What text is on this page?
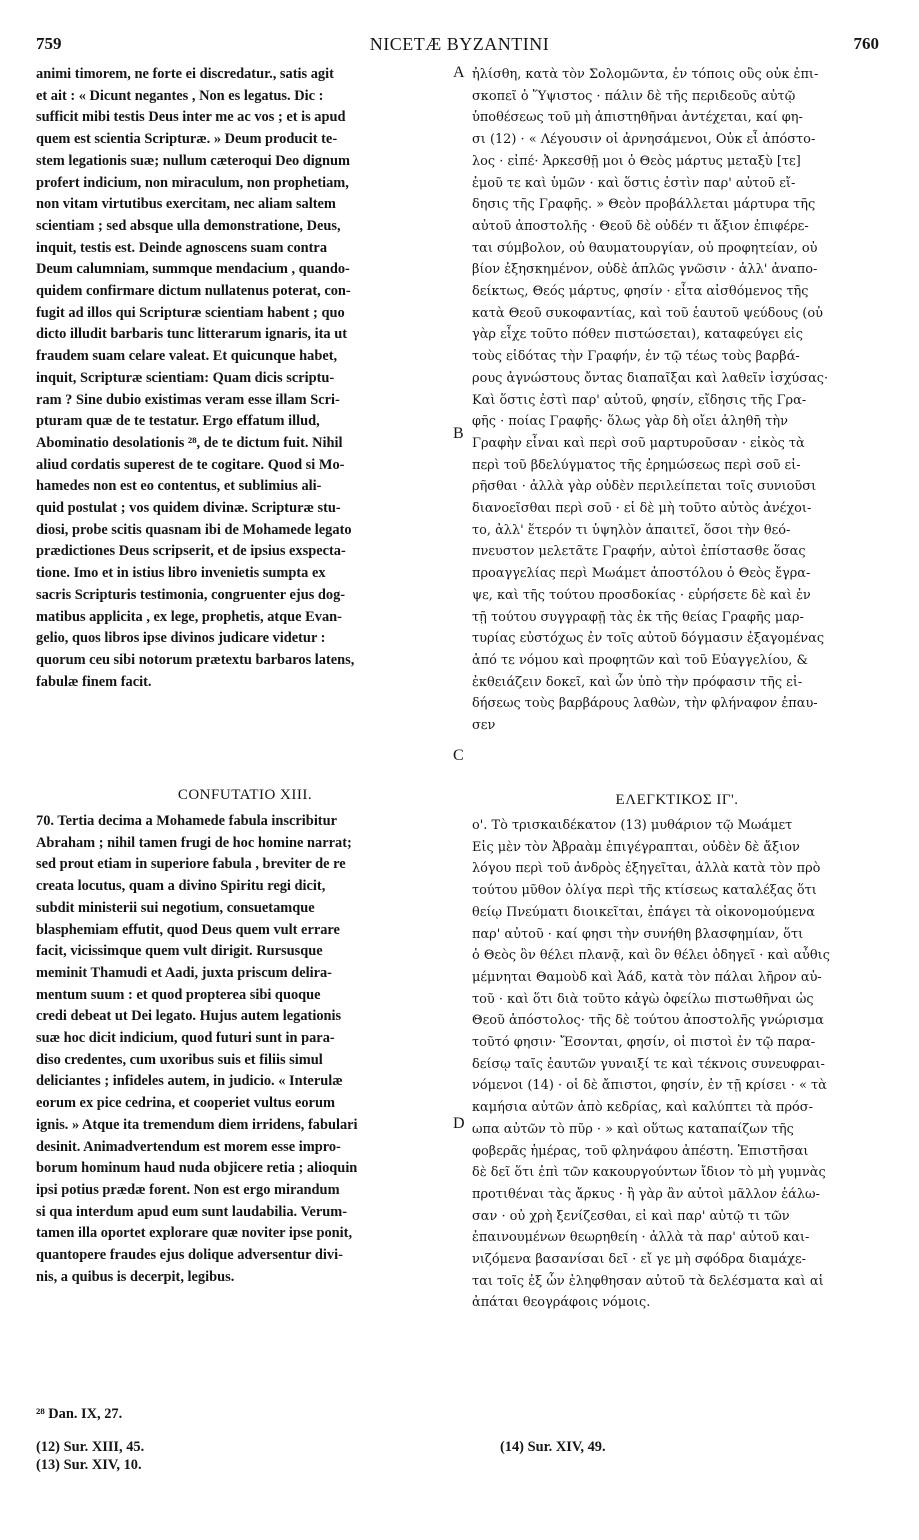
759	NICETÆ BYZANTINI	760
animi timorem, ne forte ei discredatur., satis agit
et ait : « Dicunt negantes , Non es legatus. Dic :
sufficit mibi testis Deus inter me ac vos ; et is apud
quem est scientia Scripturæ. » Deum producit te-
stem legationis suæ; nullum cæteroqui Deo dignum
profert indicium, non miraculum, non prophetiam,
non vitam virtutibus exercitam, nec aliam saltem
scientiam ; sed absque ulla demonstratione, Deus,
inquit, testis est. Deinde agnoscens suam contra
Deum calumniam, summque mendacium , quando-
quidem confirmare dictum nullatenus poterat, con-
fugit ad illos qui Scripturæ scientiam habent ; quo
dicto illudit barbaris tunc litterarum ignaris, ita ut
fraudem suam celare valeat. Et quicunque habet,
inquit, Scripturæ scientiam: Quam dicis scriptu-
ram ? Sine dubio existimas veram esse illam Scri-
pturam quæ de te testatur. Ergo effatum illud,
Abominatio desolationis ²⁸, de te dictum fuit. Nihil
aliud cordatis superest de te cogitare. Quod si Mo-
hamedes non est eo contentus, et sublimius ali-
quid postulat ; vos quidem divinæ. Scripturæ stu-
diosi, probe scitis quasnam ibi de Mohamede legato
prædictiones Deus scripserit, et de ipsius exspecta-
tione. Imo et in istius libro invenietis sumpta ex
sacris Scripturis testimonia, congruenter ejus dog-
matibus applicita , ex lege, prophetis, atque Evan-
gelio, quos libros ipse divinos judicare videtur :
quorum ceu sibi notorum prætextu barbaros latens,
fabulæ finem facit.
CONFUTATIO XIII.
70. Tertia decima a Mohamede fabula inscribitur
Abraham ; nihil tamen frugi de hoc homine narrat;
sed prout etiam in superiore fabula , breviter de re
creata locutus, quam a divino Spiritu regi dicit,
subdit ministerii sui negotium, consuetamque
blasphemiam effutit, quod Deus quem vult errare
facit, vicissimque quem vult dirigit. Rursusque
meminit Thamudi et Aadi, juxta priscum delira-
mentum suum : et quod propterea sibi quoque
credi debeat ut Dei legato. Hujus autem legationis
suæ hoc dicit indicium, quod futuri sunt in para-
diso credentes, cum uxoribus suis et filiis simul
deliciantes ; infideles autem, in judicio. « Interulæ
eorum ex pice cedrina, et cooperiet vultus eorum
ignis. » Atque ita tremendum diem irridens, fabulari
desinit. Animadvertendum est morem esse impro-
borum hominum haud nuda objicere retia ; alioquin
ipsi potius prædæ forent. Non est ergo mirandum
si qua interdum apud eum sunt laudabilia. Verum-
tamen illa oportet explorare quæ noviter ipse ponit,
quantopere fraudes ejus dolique adversentur divi-
nis, a quibus is decerpit, legibus.
ἠλίσθη, κατὰ τὸν Σολομῶντα, ἐν τόποις οὓς οὐκ ἐπι-
σκοπεῖ ὁ Ὕψιστος · πάλιν δὲ τῆς περιδεοῦς αὐτῷ
ὑποθέσεως τοῦ μὴ ἀπιστηθῆναι ἀντέχεται, καί φη-
σι (12) · « Λέγουσιν οἱ ἀρνησάμενοι, Οὐκ εἶ ἀπόστο-
λος · εἰπέ· Ἀρκεσθῇ μοι ὁ Θεὸς μάρτυς μεταξὺ [τε]
ἐμοῦ τε καὶ ὑμῶν · καὶ ὅστις ἐστὶν παρ' αὐτοῦ εἴ-
δησις τῆς Γραφῆς. » Θεὸν προβάλλεται μάρτυρα τῆς
αὐτοῦ ἀποστολῆς · Θεοῦ δὲ οὐδέν τι ἄξιον ἐπιφέρε-
ται σύμβολον, οὐ θαυματουργίαν, οὐ προφητείαν, οὐ
βίον ἐξησκημένον, οὐδὲ ἁπλῶς γνῶσιν · ἀλλ' ἀναπο-
δείκτως, Θεός μάρτυς, φησίν · εἶτα αἰσθόμενος τῆς
κατὰ Θεοῦ συκοφαντίας, καὶ τοῦ ἑαυτοῦ ψεύδους (οὐ
γὰρ εἶχε τοῦτο πόθεν πιστώσεται), καταφεύγει εἰς
τοὺς εἰδότας τὴν Γραφήν, ἐν τῷ τέως τοὺς βαρβά-
ρους ἀγνώστους ὄντας διαπαῖξαι καὶ λαθεῖν ἰσχύσας·
Καὶ ὅστις ἐστὶ παρ' αὐτοῦ, φησίν, εἴδησις τῆς Γρα-
φῆς · ποίας Γραφῆς· ὅλως γὰρ δὴ οἴει ἀληθῆ τὴν
Γραφὴν εἶναι καὶ περὶ σοῦ μαρτυροῦσαν · εἰκὸς τὰ
περὶ τοῦ βδελύγματος τῆς ἐρημώσεως περὶ σοῦ εἰ-
ρῆσθαι · ἀλλὰ γὰρ οὐδὲν περιλείπεται τοῖς συνιοῦσι
διανοεῖσθαι περὶ σοῦ · εἰ δὲ μὴ τοῦτο αὐτὸς ἀνέχοι-
το, ἀλλ' ἕτερόν τι ὑψηλὸν ἀπαιτεῖ, ὅσοι τὴν θεό-
πνευστον μελετᾶτε Γραφήν, αὐτοὶ ἐπίστασθε ὅσας
προαγγελίας περὶ Μωάμετ ἀποστόλου ὁ Θεὸς ἔγρα-
ψε, καὶ τῆς τούτου προσδοκίας · εὑρήσετε δὲ καὶ ἐν
τῇ τούτου συγγραφῇ τὰς ἐκ τῆς θείας Γραφῆς μαρ-
τυρίας εὐστόχως ἐν τοῖς αὐτοῦ δόγμασιν ἐξαγομένας
ἀπό τε νόμου καὶ προφητῶν καὶ τοῦ Εὐαγγελίου, &
ἐκθειάζειν δοκεῖ, καὶ ὧν ὑπὸ τὴν πρόφασιν τῆς εἰ-
δήσεως τοὺς βαρβάρους λαθὼν, τὴν φλήναφον ἐπαυ-
σεν
ΕΛΕΓΚΤΙΚΟΣ ΙΓ'.
ο'. Τὸ τρισκαιδέκατον (13) μυθάριον τῷ Μωάμετ
Εἰς μὲν τὸν Ἀβραὰμ ἐπιγέγραπται, οὐδὲν δὲ ἄξιον
λόγου περὶ τοῦ ἀνδρὸς ἐξηγεῖται, ἀλλὰ κατὰ τὸν πρὸ
τούτου μῦθον ὀλίγα περὶ τῆς κτίσεως καταλέξας ὅτι
θείῳ Πνεύματι διοικεῖται, ἐπάγει τὰ οἰκονομούμενα
παρ' αὐτοῦ · καί φησι τὴν συνήθη βλασφημίαν, ὅτι
ὁ Θεὸς ὃν θέλει πλανᾷ, καὶ ὃν θέλει ὁδηγεῖ · καὶ αὖθις
μέμνηται Θαμοὺδ καὶ Ἀάδ, κατὰ τὸν πάλαι λῆρον αὐ-
τοῦ · καὶ ὅτι διὰ τοῦτο κἀγὼ ὀφείλω πιστωθῆναι ὡς
Θεοῦ ἀπόστολος· τῆς δὲ τούτου ἀποστολῆς γνώρισμα
τοῦτό φησιν· Ἔσονται, φησίν, οἱ πιστοὶ ἐν τῷ παρα-
δείσῳ ταῖς ἑαυτῶν γυναιξί τε καὶ τέκνοις συνευφραι-
νόμενοι (14) · οἱ δὲ ἄπιστοι, φησίν, ἐν τῇ κρίσει · « τὰ
καμήσια αὐτῶν ἀπὸ κεδρίας, καὶ καλύπτει τὰ πρόσ-
ωπα αὐτῶν τὸ πῦρ · » καὶ οὕτως καταπαίζων τῆς
φοβερᾶς ἡμέρας, τοῦ φληνάφου ἀπέστη. Ἐπιστῆσαι
δὲ δεῖ ὅτι ἐπὶ τῶν κακουργούντων ἴδιον τὸ μὴ γυμνὰς
προτιθέναι τὰς ἄρκυς · ἢ γὰρ ἂν αὐτοὶ μᾶλλον ἑάλω-
σαν · οὐ χρὴ ξενίζεσθαι, εἰ καὶ παρ' αὐτῷ τι τῶν
ἐπαινουμένων θεωρηθείη · ἀλλὰ τὰ παρ' αὐτοῦ και-
νιζόμενα βασανίσαι δεῖ · εἴ γε μὴ σφόδρα διαμάχε-
ται τοῖς ἐξ ὧν ἐληφθησαν αὐτοῦ τὰ δελέσματα καὶ αἱ
ἀπάται θεογράφοις νόμοις.
A
B
C
D
²⁸ Dan. IX, 27.
(12) Sur. XIII, 45.
(13) Sur. XIV, 10.
(14) Sur. XIV, 49.
